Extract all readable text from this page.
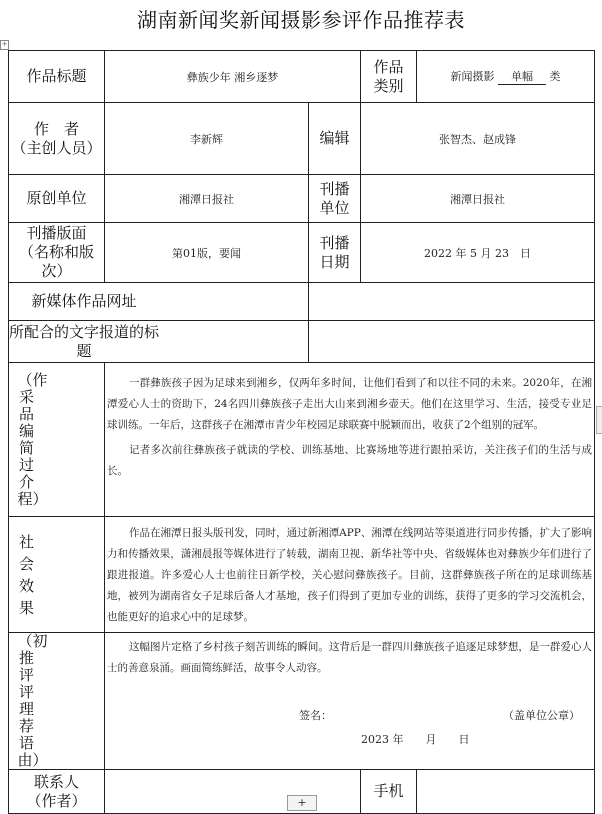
湖南新闻奖新闻摄影参评作品推荐表
+
作品标题	彝族少年 湘乡逐梦		作品类别	新闻摄影 单幅 类

作　者
（主创人员）	李新辉	编辑	张智杰、赵成锋	
原创单位	湘潭日报社	刊播单位	湘潭日报社	

刊播版面（名称和版次）	第01版，要闻	刊播日期	2022 年 5 月 23　日	

新媒体作品网址				

所配合的文字报道的标题				

（作采品编简过介程）	一群彝族孩子因为足球来到湘乡，仅两年多时间，让他们看到了和以往不同的未来。2020年，在湘潭爱心人士的资助下，24名四川彝族孩子走出大山来到湘乡壶天。他们在这里学习、生活，接受专业足球训练。一年后，这群孩子在湘潭市青少年校园足球联赛中脱颖而出，收获了2个组别的冠军。

记者多次前往彝族孩子就读的学校、训练基地、比赛场地等进行跟拍采访，关注孩子们的生活与成长。			

社会效果	作品在湘潭日报头版刊发，同时，通过新湘潭APP、湘潭在线网站等渠道进行同步传播，扩大了影响力和传播效果，潇湘晨报等媒体进行了转载，湖南卫视、新华社等中央、省级媒体也对彝族少年们进行了跟进报道。许多爱心人士也前往日新学校，关心慰问彝族孩子。目前，这群彝族孩子所在的足球训练基地，被列为湖南省女子足球后备人才基地，孩子们得到了更加专业的训练，获得了更多的学习交流机会，也能更好的追求心中的足球梦。			

（初推评评理荐语由）	这幅图片定格了乡村孩子刻苦训练的瞬间。这背后是一群四川彝族孩子追逐足球梦想，是一群爱心人士的善意泉涌。画面简练鲜活，故事令人动容。

签名： （盖单位公章）
2023 年　　月　　日			

联系人（作者）			手机	
+
